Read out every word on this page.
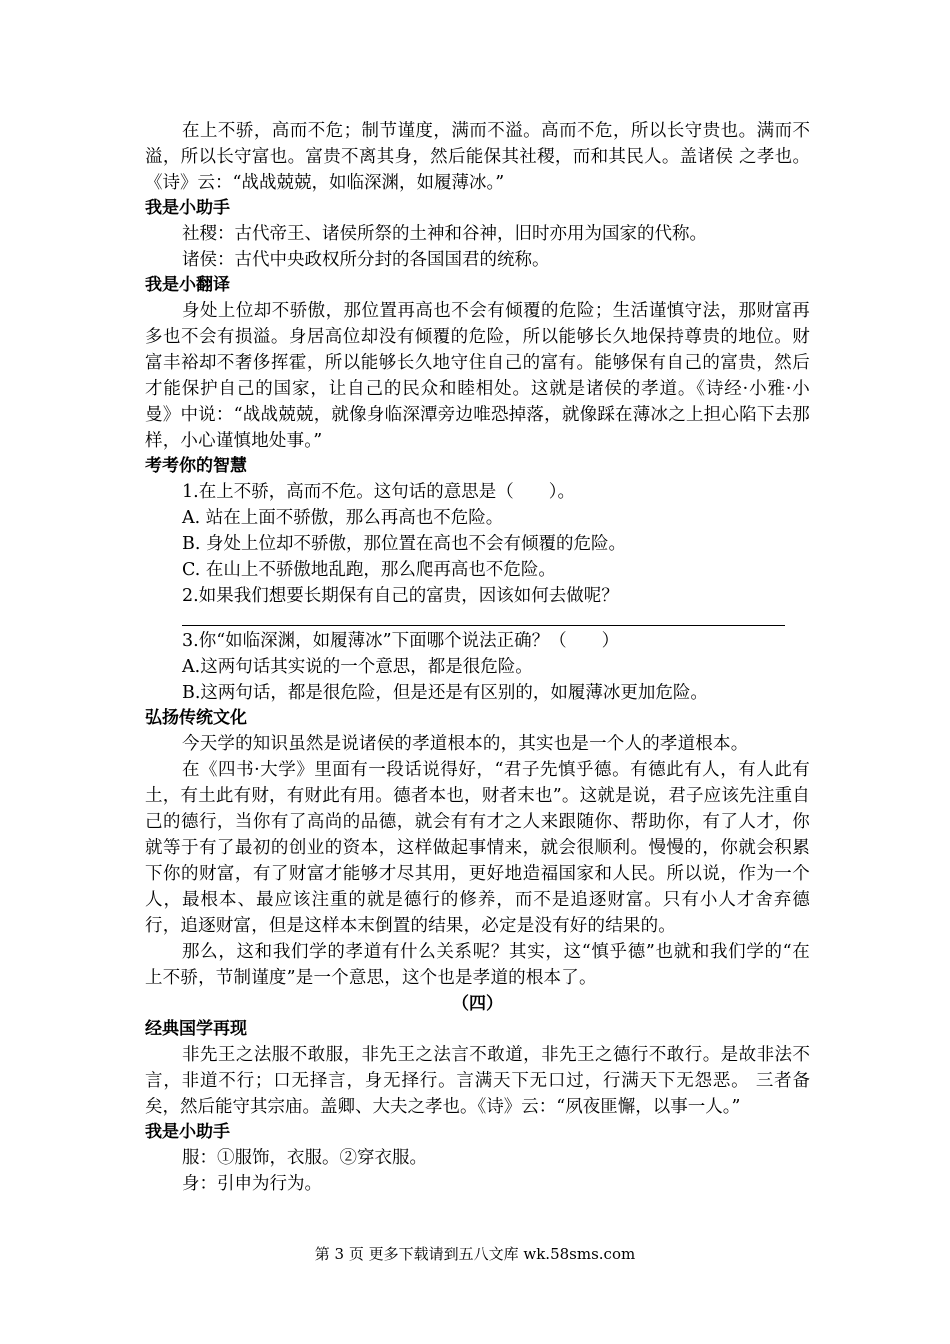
在上不骄，高而不危；制节谨度，满而不溢。高而不危，所以长守贵也。满而不溢，所以长守富也。富贵不离其身，然后能保其社稷，而和其民人。盖诸侯 之孝也。《诗》云：“战战兢兢，如临深渊，如履薄冰。”
我是小助手
社稷：古代帝王、诸侯所祭的土神和谷神，旧时亦用为国家的代称。
诸侯：古代中央政权所分封的各国国君的统称。
我是小翻译
身处上位却不骄傲，那位置再高也不会有倾覆的危险；生活谨慎守法，那财富再多也不会有损溢。身居高位却没有倾覆的危险，所以能够长久地保持尊贵的地位。财富丰裕却不奢侈挥霍，所以能够长久地守住自己的富有。能够保有自己的富贵，然后才能保护自己的国家，让自己的民众和睦相处。这就是诸侯的孝道。《诗经·小雅·小曼》中说：“战战兢兢，就像身临深潭旁边唯恐掉落，就像踩在薄冰之上担心陷下去那样，小心谨慎地处事。”
考考你的智慧
1.在上不骄，高而不危。这句话的意思是（　　）。
A. 站在上面不骄傲，那么再高也不危险。
B. 身处上位却不骄傲，那位置在高也不会有倾覆的危险。
C. 在山上不骄傲地乱跑，那么爬再高也不危险。
2.如果我们想要长期保有自己的富贵，因该如何去做呢？
3.你“如临深渊，如履薄冰”下面哪个说法正确？（　　）
A.这两句话其实说的一个意思，都是很危险。
B.这两句话，都是很危险，但是还是有区别的，如履薄冰更加危险。
弘扬传统文化
今天学的知识虽然是说诸侯的孝道根本的，其实也是一个人的孝道根本。
在《四书·大学》里面有一段话说得好，“君子先慎乎德。有德此有人，有人此有土，有土此有财，有财此有用。德者本也，财者末也”。这就是说，君子应该先注重自己的德行，当你有了高尚的品德，就会有有才之人来跟随你、帮助你，有了人才，你就等于有了最初的创业的资本，这样做起事情来，就会很顺利。慢慢的，你就会积累下你的财富，有了财富才能够才尽其用，更好地造福国家和人民。所以说，作为一个人，最根本、最应该注重的就是德行的修养，而不是追逐财富。只有小人才舍弃德行，追逐财富，但是这样本末倒置的结果，必定是没有好的结果的。
那么，这和我们学的孝道有什么关系呢？其实，这“慎乎德”也就和我们学的“在上不骄，节制谨度”是一个意思，这个也是孝道的根本了。
（四）
经典国学再现
非先王之法服不敢服，非先王之法言不敢道，非先王之德行不敢行。是故非法不言，非道不行；口无择言，身无择行。言满天下无口过，行满天下无怨恶。 三者备矣，然后能守其宗庙。盖卿、大夫之孝也。《诗》云：“夙夜匪懈，以事一人。”
我是小助手
服：①服饰，衣服。②穿衣服。
身：引申为行为。
第 3 页 更多下载请到五八文库 wk.58sms.com
